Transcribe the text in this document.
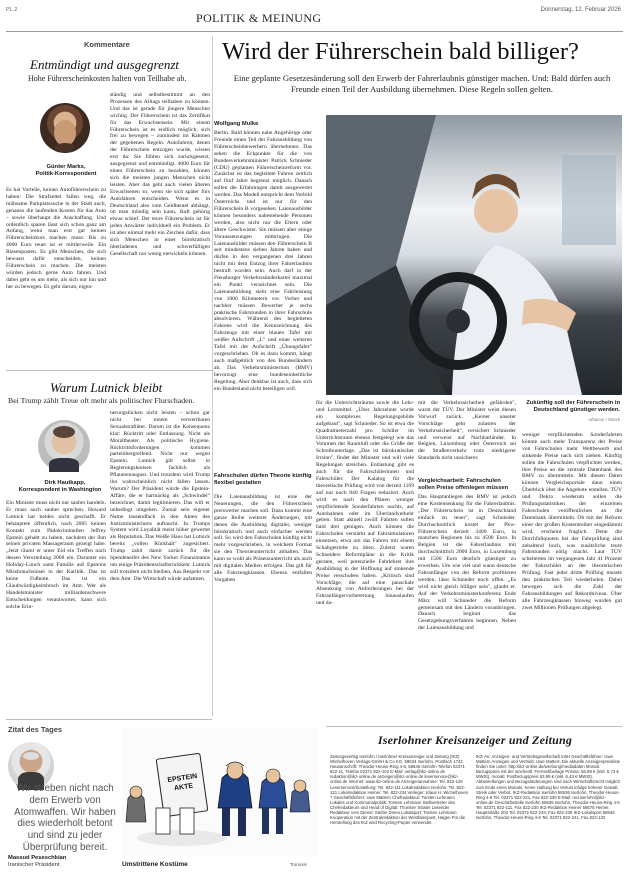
PL.2
POLITIK & MEINUNG
Donnerstag, 12. Februar 2026
Kommentare
Entmündigt und ausgegrenzt
Hohe Führerscheinkosten halten von Teilhabe ab.
Günter Marks,
Politik-Korrespondent
Es hat Vorteile, keinen Autoführerschein zu haben: Die Strafzettel fallen weg, die mühsame Parkplatzsuche in der Stadt auch, genauso die laufenden Kosten für das Auto – sowie überhaupt die Anschaffung. Und ordentlich sparen lässt sich schon ganz am Anfang, wenn man erst gar keinen Führerscheinkurs machen muss: Bis zu 4000 Euro teuer ist er mittlerweile. Ein Riesenposten. Es gibt Menschen, die sich bewusst dafür entscheiden, keinen Führerschein zu machen. Die meisten würden jedoch gerne Auto fahren. Und dabei geht es um mehr, als sich nur hin und her zu bewegen. Es geht darum, eigen-
ständig und selbstbestimmt an den Prozessen des Alltags teilhaben zu können. Und das ist gerade für jüngere Menschen wichtig. Der Führerschein ist das Zertifikat für das Erwachsensein. Mit einem Führerschein ist es endlich möglich, sich frei zu bewegen – zumindest im Rahmen der gegebenen Regeln. Autofahren, denen der Führerschein entzogen wurde, wissen erst da: Sie fühlen sich zurückgesetzt, ausgegrenzt und entmündigt. 4000 Euro für einen Führerschein zu bezahlen, können sich die meisten jungen Menschen nicht leisten. Aber das geht auch vielen älteren Erwachsenen so, wenn sie sich später fürs Autofahren entscheiden. Wenn es in Deutschland also vom Geldbeutel abhängt, ob man mündig sein kann, läuft gehörig etwas schief. Der teure Führerschein ist für jeden Anwärter individuell ein Problem. Er ist aber einmal mehr ein Zeichen dafür, dass sich Menschen in einer bürokratisch überladenen und schwerfälligen Gesellschaft nur wenig entwickeln können.
Warum Lutnick bleibt
Bei Trump zählt Treue oft mehr als politischer Flurschaden.
Dirk Hautkapp,
Korrespondent in Washington
Ein Minister muss nicht nur sauber handeln. Er muss auch sauber sprechen. Howard Lutnick hat beides nicht geschafft. Er behauptete öffentlich, nach 2005 keinen Kontakt zum Pädokriminellen Jeffrey Epstein gehabt zu haben, nachdem der ihm seinen privaten Massageraum gezeigt habe. „Jetzt räumt er unter Eid ein Treffen nach dessen Verurteilung 2008 ein. Darunter ein Holiday-Lunch samt Familie auf Epsteins Missbrauchsinsel in der Karibik. Das ist keine Fußnote. Das ist ein Glaubwürdigkeitsbruch im Amt. Wer als Handelsminister milliardenschwere Entscheidungen verantwortet, kann sich solche Erin-
nerungslücken nicht leisten – schon gar nicht bei einem verwertbaren Sexualstraftäter. Darum ist die Konsequenz klar: Rücktritt oder Entlassung. Nicht als Moraltheater. Als politische Hygiene. Rücktrittsforderungen kommen parteiübergreifend. Nicht nur wegen Epstein. Lutnick gilt selbst in Regierungskreisen fachlich als Pflaumenaugust. Und trotzdem wird Trump ihn wahrscheinlich nicht fallen lassen. Warum? Der Präsident würde die Epstein-Affäre, die er hartnäckig als „Schwindel" bezeichnet, damit legitimieren. Das will er unbedingt umgehen. Zumal sein eigener Name tausendfach in den Akten des Justizministeriums auftaucht. In Trumps System wird Loyalität meist höher gewertet als Reputation. Das Weiße Haus hat Lutnick bereits „vollen Rückhalt" zugesichert. Trump zahlt damit zurück für die Spendeneifer des New Yorker Finanzmanns um einige Präsidentschaftsrückkehr. Lutnick soll trotzdem nicht bleiben. Aus Respekt vor dem Amt. Die Wirtschaft würde aufatmen.
Zitat des Tages
Wir streben nicht nach dem Erwerb von Atomwaffen. Wir haben dies wiederholt betont und sind zu jeder Überprüfung bereit.
Massud Peseschkian
Iranischer Präsident
EPSTEIN AKTE
Umstrittene Kostüme	Tomicek
Wird der Führerschein bald billiger?
Eine geplante Gesetzesänderung soll den Erwerb der Fahrerlaubnis günstiger machen. Und: Bald dürfen auch Freunde einen Teil der Ausbildung übernehmen. Diese Regeln sollen gelten.
Wolfgang Mulke
Berlin. Bald können nahe Angehörige oder Freunde einen Teil der Fahrausbildung von Führerscheinbewerbern übernehmen. Das sehen die Eckpunkte für die von Bundesverkehrsminister Patrick Schnieder (CDU) geplanten Führerscheinreform vor. Zunächst ist das begleitete Fahren zeitlich auf fünf Jahre begrenzt möglich. Danach sollen die Erfahrungen damit ausgewertet werden. Das Modell entspricht dem Vorbild Österreichs und ist nur für den Führerschein B vorgesehen. Laienausbilder können besonders nahestehende Personen werden, also nicht nur die Eltern oder ältere Geschwister. Sie müssen aber einige Voraussetzungen mitbringen. Die Laienausbilder müssen den Führerschein B seit mindestens sieben Jahren haben und dürfen in den vergangenen drei Jahren nicht mit dem Entzug ihrer Fahrerlaubnis bestraft worden sein. Auch darf in der Flensburger Verkehrssünderkartei maximal ein Punkt verzeichnet sein. Die Laienausbildung sieht eine Fahrleistung von 1000 Kilometern vor. Vorher und nachher müssen Bewerber je sechs praktische Fahrstunden in ihrer Fahrschule absolvieren. Während des begleiteten Fahrens wird die Kennzeichnung des Fahrzeugs mit einer blauen Tafel mit weißer Aufschrift „L" und einer weiteren Tafel mit der Aufschrift „Übungsfahrt" vorgeschrieben. Ob es dazu kommt, hängt auch maßgeblich von den Bundesländern ab. Das Verkehrsministerium (BMV) bevorzugt eine bundeseinheitliche Regelung. Aber denkbar ist auch, dass sich ein Bundesland nicht beteiligen will.
Fahrschulen dürfen Theorie künftig flexibel gestalten
Die Laienausbildung ist eine der Neuerungen, die den Führerschein preiswerter machen soll. Dazu kommt eine ganze Reihe weiterer Änderungen, mit denen die Ausbildung digitaler, weniger bürokratisch und auch einfacher werden soll. So wird den Fahrschulen künftig nicht mehr vorgeschrieben, in welchem Format sie den Theorieunterricht abhalten. Das kann so wohl als Präsenzunterricht als auch mit digitalen Medien erfolgen. Das gilt für alle Fahrzeugklassen. Ebenso entfallen Vorgaben
Zukünftig soll der Führerschein in Deutschland günstiger werden.
urbazon / iStock
für die Unterrichtsräume sowie die Lehr- und Lernmittel. „Über Jahrzehnte wurde ein komplexes Regelungsgebilde aufgebaut", sagt Schnieder. So ist etwa die Quadratmeterzahl pro Schüler im Unterrichtsraum ebenso festgelegt wie das Volumen der Raumluft oder die Größe der Schreibunterlage. „Das ist bürokratischer Irrsinn", findet der Minister und will viele Regelungen streichen. Entlastung gibt es auch für die Fahrschülerinnen und Fahrschüler. Der Katalog für die theoretische Prüfung wird von derzeit 1169 auf nur noch 840 Fragen reduziert. Auch wird es nach den Plänen weniger verpflichtende Sonderfahrten nachts, auf Autobahnen oder im Überlandverkehr geben. Statt aktuell zwölf Fahrten sollen bald drei genügen. Auch können die Fahrschulen verstärkt auf Fahrsimulatoren einsetzen, etwa um das Fahren mit einem Schaltgetriebe zu üben. Zuletzt waren Schneiders Reformpläne in die Kritik geraten, weil potenzielle Fahrlehrer ihre Ausbildung in der Hoffnung auf sinkende Preise verschoben haben. „Kritisch sind Vorschläge, die auf eine pauschale Absenkung von Anforderungen bei der Fahranfängervorbereitung hinauslaufen und da-
mit die Verkehrssicherheit gefährden", warnt der TÜV. Der Minister weist diesen Vorwurf zurück. „Keiner unserer Vorschläge geht zulasten der Verkehrssicherheit", versichert Schnieder und verweist auf Nachbarländer. In Belgien, Luxemburg oder Österreich sei der Straßenverkehr trotz niedrigerer Standards nicht unsicherer.
Vergleichsarbeit: Fahrschulen sollen Preise offenlegen müssen
Das Hauptanliegen des BMV ist jedoch eine Kostensenkung für die Fahrerlaubnis. „Der Führerschein ist in Deutschland einfach zu teuer", sagt Schnieder. Durchschnittlich kostet der Pkw-Führerschein derzeit 3400 Euro, in manchen Regionen bis zu 4500 Euro. In Belgien ist die Fahrerlaubnis mit durchschnittlich 2000 Euro, in Luxemburg mit 1500 Euro deutlich günstiger zu erwerben. Um wie viel und wann deutsche Fahranfänger von der Reform profitieren werden, lässt Schnieder noch offen. „Es wird nicht gleich billiger sein", glaubt er. Auf der Verkehrsministerkonferenz Ende März will Schnieder die Reform gemeinsam mit den Ländern voranbringen. Danach beginnt das Gesetzgebungsverfahren beginnen. Neben der Laienausbildung und
weniger verpflichtenden Sonderfahrten könnte auch mehr Transparenz der Preise von Fahrschulen mehr Wettbewerb und sinkende Preise nach sich ziehen. Künftig sollen die Fahrschulen verpflichtet werden, ihre Preise an die zentrale Datenbank des BMV zu übermitteln. Mit diesen Daten können Vergleichsportale dann einen Überblick über die Angebote erstellen. TÜV und Dekra wiederum sollen die Prüfungsstatistiken der einzelnen Fahrschulen veröffentlichen an die Datenbank übermitteln. Ob mit der Reform einer der großen Kostentreiber eingedämmt wird, erscheint fraglich. Denn die Durchfallquoten bei der Fahrprüfung sind anhaltend hoch, was zusätzliche teure Fahrstunden nötig macht. Laut TÜV scheiterten im vergangenen Jahr 41 Prozent der Fahrschüler an der theoretischen Prüfung. Fast jeder dritte Prüfling musste den praktischen Teil wiederholen. Dabei bewegen sich die Zahl der Fahrausbildungen auf Rekordniveau. Über alle Fahrzeugklassen hinweg wurden gut zwei Millionen Prüfungen abgelegt.
Iserlohner Kreisanzeiger und Zeitung
Zeitungsverlag Iserlohn / Iserlohner Kreisanzeiger und Zeitung (IKZ) Wichelhoven Verlags-GmbH & Co KG, 58634 Iserlohn, Postfach 1742 Hausanschrift: Theodor-Heuss-Ring 4-6, 58636 Iserlohn Telefon 02371 822-11, Telefax 02371 822-102 E-Mail: verlag@ikz-online.de redaktion@ikz-online.de anzeigen@ikz-online.de leserservice@ikz-online.de Internet: www.ikz-online.de Anzeigenannahme: Tel. 822-126 Leserservice/Zustellung: Tel. 822-111 Lokalredaktion Iserlohn: Tel. 822-121 Lokalredaktion Hemer: Tel. 822-234 Verleger: Klaus H. Wichelhoven † Geschäftsführer: Uwe Mattern Chefredakteur: Torsten Lehmann Lokales und Kommunalpolitik: Torsten Lehmann Stellvertreter des Chefredakteurs und Head of Digital: Thorsten Strater Leitender Redakteur vom Dienst: Stefan Drees Lokalsport: Torsten Lehmann Kooperation mit der Zentralredaktion der Westfalenpost, Hagen Für die Herstellung des IKZ wird Recycling-Papier verwendet.
IKZ-AV, Anzeigen- und Vertriebsgesellschaft mbH Geschäftsführer: Uwe Mattern Anzeigen und Vertrieb: Uwe Mattern Die aktuelle Anzeigenpreisliste finden Sie unter: http://ikz-online.de/werbung/mediadaten Monatl. Bezugspreis mit der wöchentl. Fernsehbeilage Prisma: 56,99 € (inkl. 5,73 € MWSt), monatl. Postbezugspreis 63,99 € (inkl. 6,43 € MWSt). Abbestellungen und Bezugsänderungen sind nach Wirtschaftsrecht möglich zum Ende eines Monats. Keine Haftung bei Verlust infolge höherer Gewalt, Streik oder Verbot. IKZ-Redaktion Iserlohn 58636 Iserlohn, Theodor-Heuss-Ring 4-6 Tel. 02371 822-221, Fax 822-230 E-Mail: red.iserlohn@ikz-online.de Geschäftsstelle Iserlohn 58636 Iserlohn, Theodor-Heuss-Ring 4-6 Tel. 02371 822-111, Fax 822-230 IKZ-Redaktion Hemer 58675 Hemer, Hauptstraße 203 Tel. 02372 822-234, Fax 822-235 IKZ-Lokalsport 58636 Iserlohn, Theodor-Heuss-Ring 4-6 Tel. 02371 822-241, Fax 822-132
